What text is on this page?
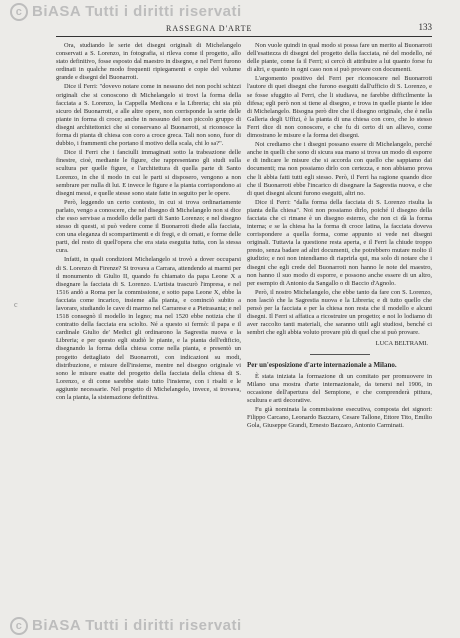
c BiASA Tutti i diritti riservati
RASSEGNA D'ARTE	133

Ora, studiando le serie dei disegni originali di Michelangelo conservati a S. Lorenzo, in fotografia, si rileva come il progetto, allo stato definitivo, fosse esposto dal maestro in disegno, e nel Ferri furono ordinati in qualche modo frequenti ripiegamenti e copie del volume grande e disegni del Buonarroti.

Dice il Ferri: "dovevo notare come in nessuno dei non pochi schizzi originali che si conoscono di Michelangelo si trovi la forma della facciata a S. Lorenzo, la Cappella Medicea e la Libreria; chi sia più sicuro del Buonarroti, e alle altre opere, non corrisponde la serie delle piante in forma di croce; anche in nessuno del non piccolo gruppo di disegni architettonici che si conservano al Buonarroti, si riconosce la forma di pianta di chiesa con coro a croce greca. Tali non sono, fuor di dubbio, i frammenti che portano il motivo della scala, chi lo sa?".

Dice il Ferri che i fanciulli immaginati sotto la trabeazione delle finestre, cioè, mediante le figure, che rappresentano gli studi sulla scultura per quelle figure, e l'architettura di quella parte di Santo Lorenzo, in che il modo in cui le parti si disposero, vengono a non sembrare per nulla di lui. E invece le figure e la pianta corrispondono ai disegni messi, e quelle stesse sono state fatte in seguito per le opere.

Però, leggendo un certo contesto, in cui si trova ordinariamente parlato, vengo a conoscere, che nel disegno di Michelangelo non si dice che esso servisse a modello delle parti di Santo Lorenzo; e nel disegno stesso di questi, si può vedere come il Buonarroti diede alla facciata, con una eleganza di scompartimenti e di fregi, e di ornati, e forme delle parti, del resto di quell'opera che era stata eseguita tutta, con la stessa cura.

Infatti, in quali condizioni Michelangelo si trovò a dover occuparsi di S. Lorenzo di Firenze? Si trovava a Carrara, attendendo ai marmi per il monumento di Giulio II, quando fu chiamato da papa Leone X a disegnare la facciata di S. Lorenzo. L'artista trascurò l'impresa, e nel 1516 andò a Roma per la commissione, e sotto papa Leone X, ebbe la facciata come incarico, insieme alla pianta, e cominciò subito a lavorare, studiando le cave di marmo nel Carrarese e a Pietrasanta; e nel 1518 consegnò il modello in legno; ma nel 1520 ebbe notizia che il contratto della facciata era sciolto. Né a questo si fermò: il papa e il cardinale Giulio de' Medici gli ordinarono la Sagrestia nuova e la Libreria; e per questo egli studiò le piante, e la pianta dell'edificio, disegnando la forma della chiesa come nella pianta, e presentò un progetto dettagliato del Buonarroti, con indicazioni su modi, distribuzione, e misure dell'insieme, mentre nel disegno originale vi sono le misure esatte del progetto della facciata della chiesa di S. Lorenzo, e di come sarebbe stato tutto l'insieme, con i risalti e le aggiunte necessarie. Nel progetto di Michelangelo, invece, si trovava, con la pianta, la sistemazione definitiva.

Non vuole quindi in qual modo si possa fare un merito al Buonarroti dell'esattezza di disegni del progetto della facciata, né del modello, né delle piante, come fa il Ferri; si cercò di attribuire a lui quanto forse fu di altri, e quanto in ogni caso non si può provare con documenti.

L'argomento positivo del Ferri per riconoscere nel Buonarroti l'autore di quei disegni che furono eseguiti dall'ufficio di S. Lorenzo, e se fosse sfuggito al Ferri, che li studiava, ne farebbe difficilmente la difesa; egli però non si tiene al disegno, e trova in quelle piante le idee di Michelangelo. Bisogna però dire che il disegno originale, che è nella Galleria degli Uffizi, è la pianta di una chiesa con coro, che lo stesso Ferri dice di non conoscere, e che fu di certo di un allievo, come dimostrano le misure e la forma dei disegni.

Noi crediamo che i disegni possano essere di Michelangelo, perché anche in quelli che sono di sicura sua mano si trova un modo di esporre e di indicare le misure che si accorda con quello che sappiamo dai documenti; ma non possiamo dirlo con certezza, e non abbiamo prova che li abbia fatti tutti egli stesso. Però, il Ferri ha ragione quando dice che il Buonarroti ebbe l'incarico di disegnare la Sagrestia nuova, e che di quei disegni alcuni furono eseguiti, altri no.

Dice il Ferri: "dalla forma della facciata di S. Lorenzo risulta la pianta della chiesa". Noi non possiamo dirlo, poiché il disegno della facciata che ci rimane è un disegno esterno, che non ci dà la forma interna; e se la chiesa ha la forma di croce latina, la facciata doveva corrispondere a quella forma, come appunto si vede nei disegni originali. Tuttavia la questione resta aperta, e il Ferri la chiude troppo presto, senza badare ad altri documenti, che potrebbero mutare molto il giudizio; e noi non intendiamo di riaprirla qui, ma solo di notare che i disegni che egli crede del Buonarroti non hanno le note del maestro, non hanno il suo modo di esporre, e possono anche essere di un altro, per esempio di Antonio da Sangallo o di Baccio d'Agnolo.

Però, il nostro Michelangelo, che ebbe tanto da fare con S. Lorenzo, non lasciò che la Sagrestia nuova e la Libreria; e di tutto quello che pensò per la facciata e per la chiesa non resta che il modello e alcuni disegni. Il Ferri si affatica a ricostruire un progetto; e noi lo lodiamo di aver raccolto tanti materiali, che saranno utili agli studiosi, benché ci sembri che egli abbia voluto provare più di quel che si può provare.

LUCA BELTRAMI.
Per un'esposizione d'arte internazionale a Milano.

È stata iniziata la formazione di un comitato per promuovere in Milano una mostra d'arte internazionale, da tenersi nel 1906, in occasione dell'apertura del Sempione, e che comprenderà pittura, scultura e arti decorative.

Fu già nominata la commissione esecutiva, composta dei signori: Filippo Carcano, Leonardo Bazzaro, Cesare Tallone, Ettore Tito, Emilio Gola, Giuseppe Grandi, Ernesto Bazzaro, Antonio Carminati.

c
c BiASA Tutti i diritti riservati
